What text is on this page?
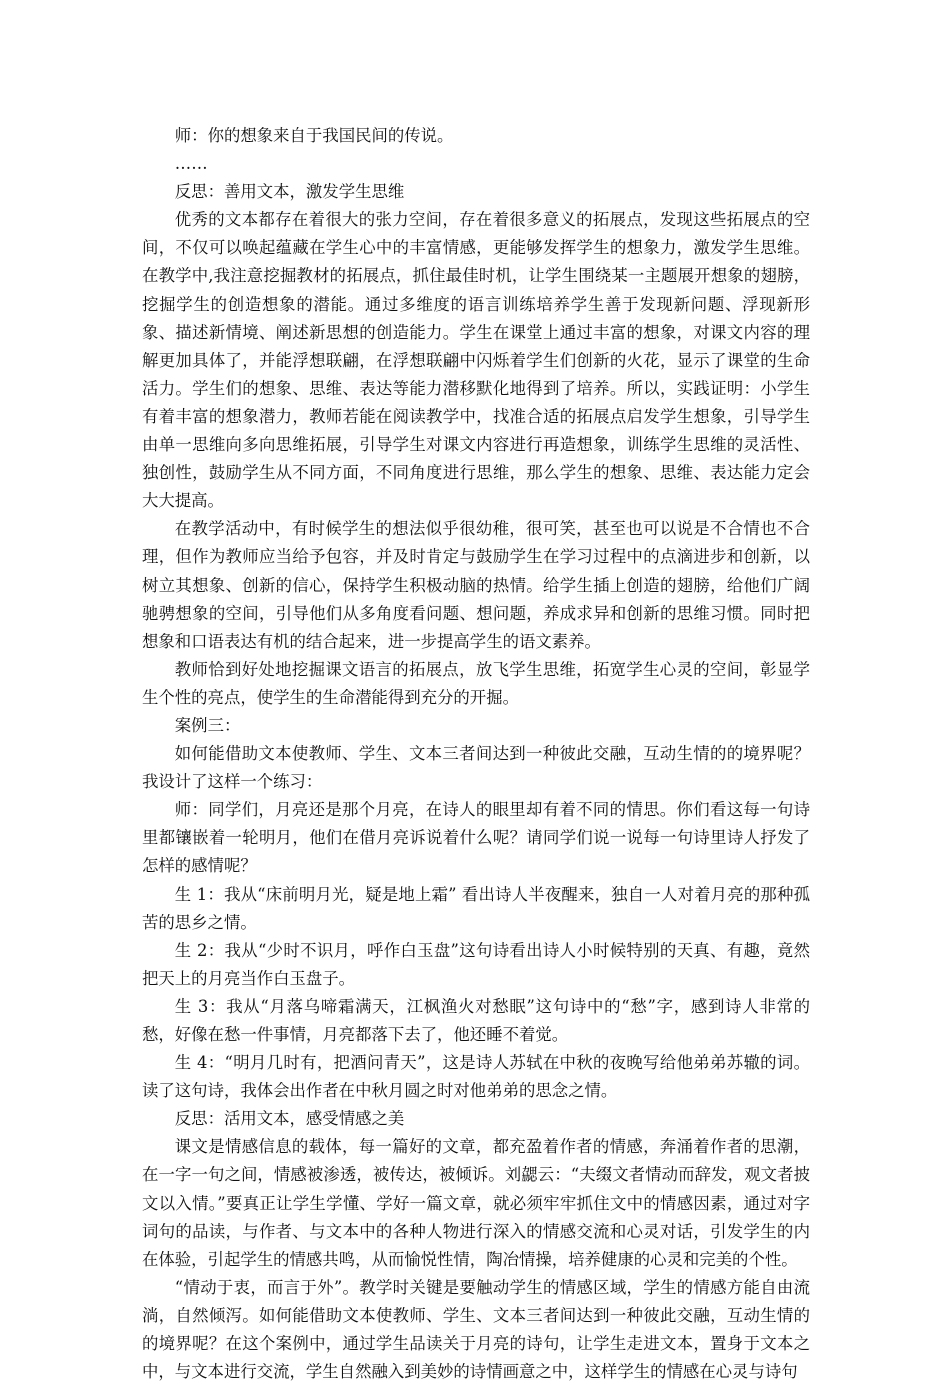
师：你的想象来自于我国民间的传说。

……

反思：善用文本，激发学生思维

优秀的文本都存在着很大的张力空间，存在着很多意义的拓展点，发现这些拓展点的空间，不仅可以唤起蕴藏在学生心中的丰富情感，更能够发挥学生的想象力，激发学生思维。在教学中,我注意挖掘教材的拓展点，抓住最佳时机，让学生围绕某一主题展开想象的翅膀，挖掘学生的创造想象的潜能。通过多维度的语言训练培养学生善于发现新问题、浮现新形象、描述新情境、阐述新思想的创造能力。学生在课堂上通过丰富的想象，对课文内容的理解更加具体了，并能浮想联翩，在浮想联翩中闪烁着学生们创新的火花，显示了课堂的生命活力。学生们的想象、思维、表达等能力潜移默化地得到了培养。所以，实践证明：小学生有着丰富的想象潜力，教师若能在阅读教学中，找准合适的拓展点启发学生想象，引导学生由单一思维向多向思维拓展，引导学生对课文内容进行再造想象，训练学生思维的灵活性、独创性，鼓励学生从不同方面，不同角度进行思维，那么学生的想象、思维、表达能力定会大大提高。

在教学活动中，有时候学生的想法似乎很幼稚，很可笑，甚至也可以说是不合情也不合理，但作为教师应当给予包容，并及时肯定与鼓励学生在学习过程中的点滴进步和创新，以树立其想象、创新的信心，保持学生积极动脑的热情。给学生插上创造的翅膀，给他们广阔驰骋想象的空间，引导他们从多角度看问题、想问题，养成求异和创新的思维习惯。同时把想象和口语表达有机的结合起来，进一步提高学生的语文素养。

教师恰到好处地挖掘课文语言的拓展点，放飞学生思维，拓宽学生心灵的空间，彰显学生个性的亮点，使学生的生命潜能得到充分的开掘。

案例三：

如何能借助文本使教师、学生、文本三者间达到一种彼此交融，互动生情的的境界呢？我设计了这样一个练习：

师：同学们，月亮还是那个月亮，在诗人的眼里却有着不同的情思。你们看这每一句诗里都镶嵌着一轮明月，他们在借月亮诉说着什么呢？请同学们说一说每一句诗里诗人抒发了怎样的感情呢？

生 1：我从“床前明月光，疑是地上霜” 看出诗人半夜醒来，独自一人对着月亮的那种孤苦的思乡之情。

生 2：我从“少时不识月，呼作白玉盘”这句诗看出诗人小时候特别的天真、有趣，竟然把天上的月亮当作白玉盘子。

生 3：我从“月落乌啼霜满天，江枫渔火对愁眠”这句诗中的“愁”字，感到诗人非常的愁，好像在愁一件事情，月亮都落下去了，他还睡不着觉。

生 4：“明月几时有，把酒问青天”，这是诗人苏轼在中秋的夜晚写给他弟弟苏辙的词。读了这句诗，我体会出作者在中秋月圆之时对他弟弟的思念之情。

反思：活用文本，感受情感之美

课文是情感信息的载体，每一篇好的文章，都充盈着作者的情感，奔涌着作者的思潮，在一字一句之间，情感被渗透，被传达，被倾诉。刘勰云：“夫缀文者情动而辞发，观文者披文以入情。”要真正让学生学懂、学好一篇文章，就必须牢牢抓住文中的情感因素，通过对字词句的品读，与作者、与文本中的各种人物进行深入的情感交流和心灵对话，引发学生的内在体验，引起学生的情感共鸣，从而愉悦性情，陶冶情操，培养健康的心灵和完美的个性。

“情动于衷，而言于外”。教学时关键是要触动学生的情感区域，学生的情感方能自由流淌，自然倾泻。如何能借助文本使教师、学生、文本三者间达到一种彼此交融，互动生情的的境界呢？在这个案例中，通过学生品读关于月亮的诗句，让学生走进文本，置身于文本之中，与文本进行交流，学生自然融入到美妙的诗情画意之中，这样学生的情感在心灵与诗句
